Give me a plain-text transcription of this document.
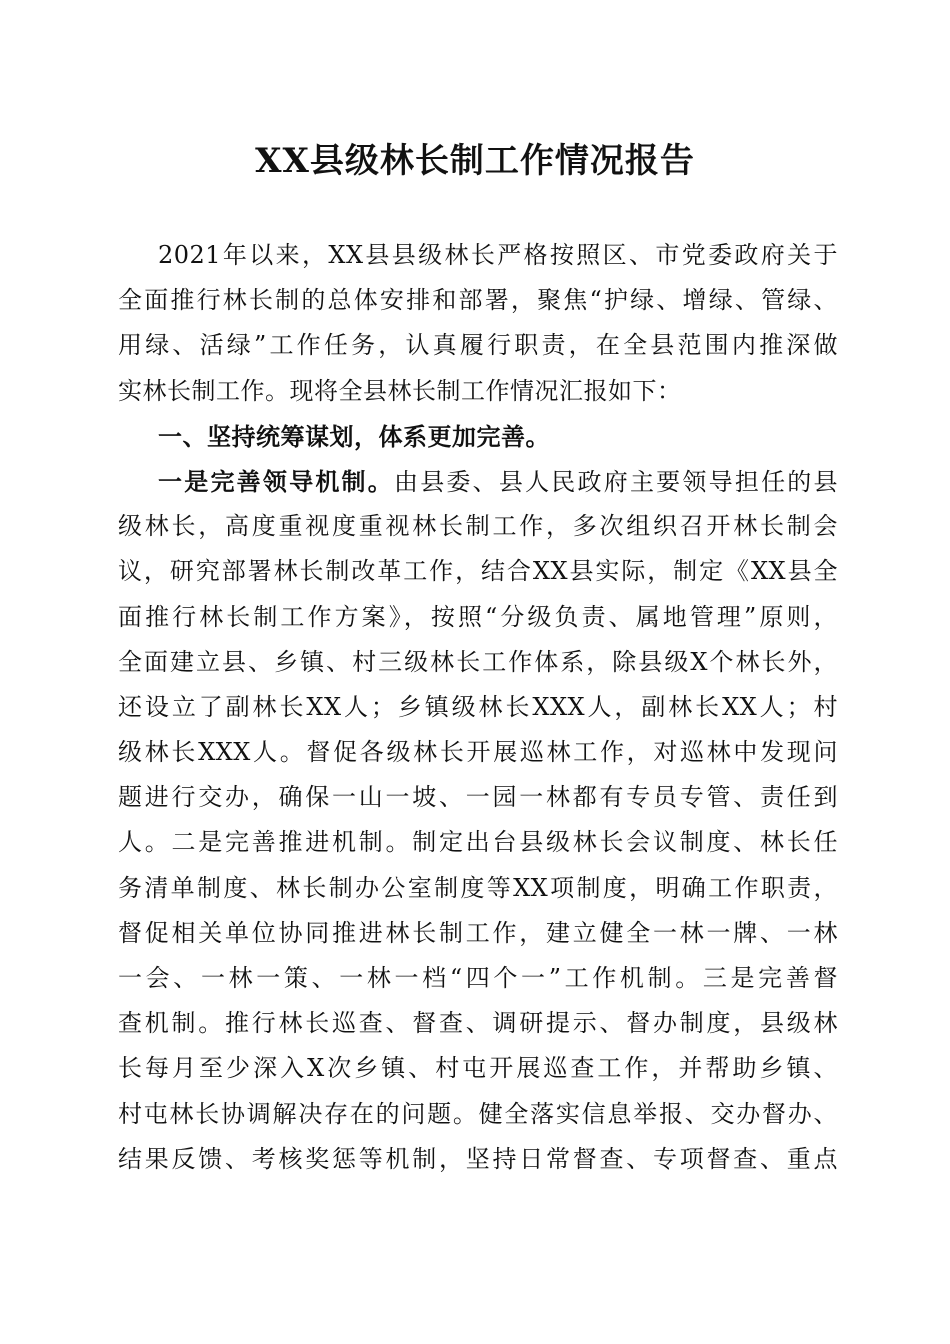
XX县级林长制工作情况报告
2021年以来，XX县县级林长严格按照区、市党委政府关于
全面推行林长制的总体安排和部署，聚焦“护绿、增绿、管绿、
用绿、活绿”工作任务，认真履行职责，在全县范围内推深做
实林长制工作。现将全县林长制工作情况汇报如下：
一、坚持统筹谋划，体系更加完善。
一是完善领导机制。由县委、县人民政府主要领导担任的县
级林长，高度重视度重视林长制工作，多次组织召开林长制会
议，研究部署林长制改革工作，结合XX县实际，制定《XX县全
面推行林长制工作方案》，按照“分级负责、属地管理”原则，
全面建立县、乡镇、村三级林长工作体系，除县级X个林长外，
还设立了副林长XX人；乡镇级林长XXX人，副林长XX人；村
级林长XXX人。督促各级林长开展巡林工作，对巡林中发现问
题进行交办，确保一山一坡、一园一林都有专员专管、责任到
人。二是完善推进机制。制定出台县级林长会议制度、林长任
务清单制度、林长制办公室制度等XX项制度，明确工作职责，
督促相关单位协同推进林长制工作，建立健全一林一牌、一林
一会、一林一策、一林一档“四个一”工作机制。三是完善督
查机制。推行林长巡查、督查、调研提示、督办制度，县级林
长每月至少深入X次乡镇、村屯开展巡查工作，并帮助乡镇、
村屯林长协调解决存在的问题。健全落实信息举报、交办督办、
结果反馈、考核奖惩等机制，坚持日常督查、专项督查、重点
